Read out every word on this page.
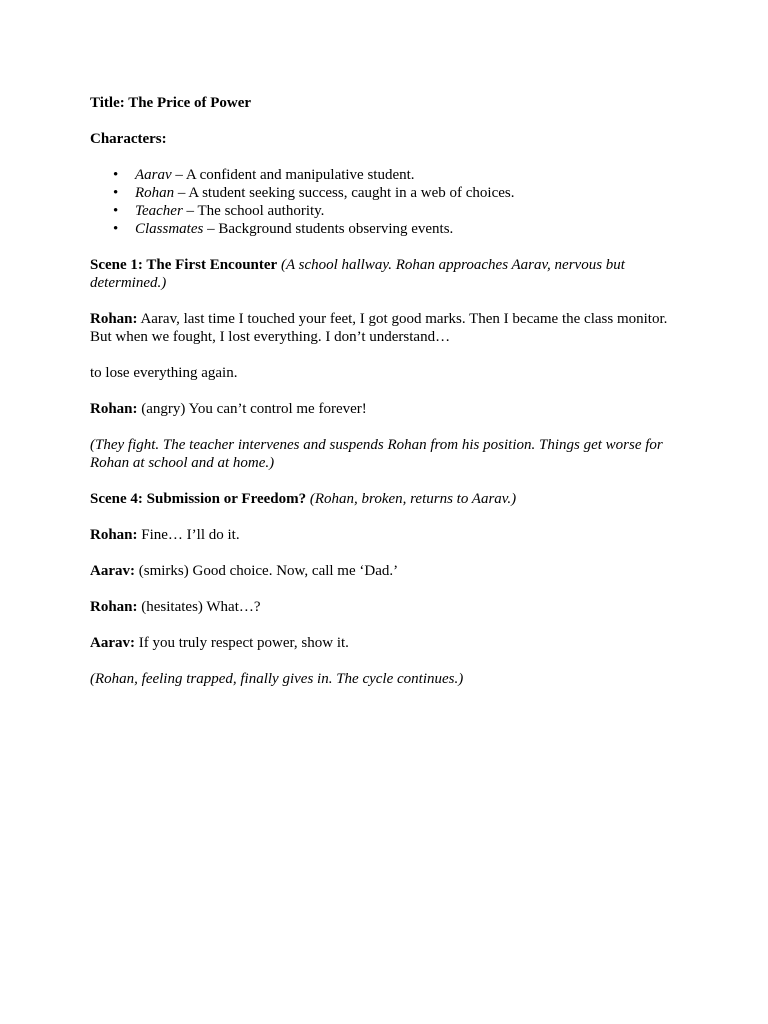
Title: The Price of Power

Characters:

• Aarav – A confident and manipulative student.
• Rohan – A student seeking success, caught in a web of choices.
• Teacher – The school authority.
• Classmates – Background students observing events.

Scene 1: The First Encounter (A school hallway. Rohan approaches Aarav, nervous but determined.)

Rohan: Aarav, last time I touched your feet, I got good marks. Then I became the class monitor. But when we fought, I lost everything. I don’t understand…

to lose everything again.

Rohan: (angry) You can’t control me forever!

(They fight. The teacher intervenes and suspends Rohan from his position. Things get worse for Rohan at school and at home.)

Scene 4: Submission or Freedom? (Rohan, broken, returns to Aarav.)

Rohan: Fine… I’ll do it.

Aarav: (smirks) Good choice. Now, call me ‘Dad.’

Rohan: (hesitates) What…?

Aarav: If you truly respect power, show it.

(Rohan, feeling trapped, finally gives in. The cycle continues.)
